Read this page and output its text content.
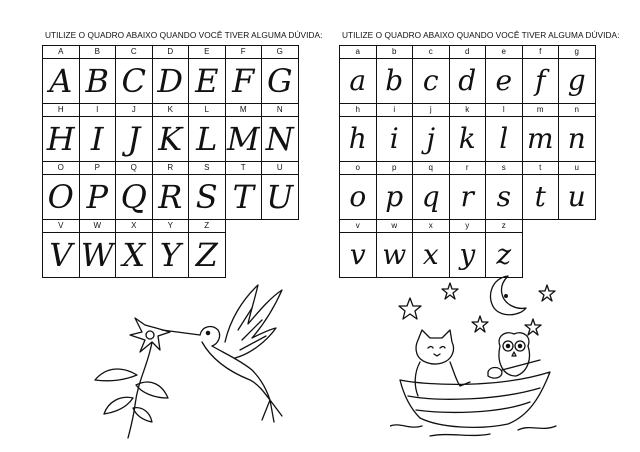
UTILIZE O QUADRO ABAIXO QUANDO VOCÊ TIVER ALGUMA DÚVIDA: UTILIZE O QUADRO ABAIXO QUANDO VOCÊ TIVER ALGUMA DÚVIDA:
A
A
B
B
C
C
D
D
E
E
F
F
G
G
H
H
I
I
J
J
K
K
L
L
M
M
N
N
O
O
P
P
Q
Q
R
R
S
S
T
T
U
U
V
V
W
W
X
X
Y
Y
Z
Z
a
a
b
b
c
c
d
d
e
e
f
f
g
g
h
h
i
i
j
j
k
k
l
l
m
m
n
n
o
o
p
p
q
q
r
r
s
s
t
t
u
u
v
v
w
w
x
x
y
y
z
z
